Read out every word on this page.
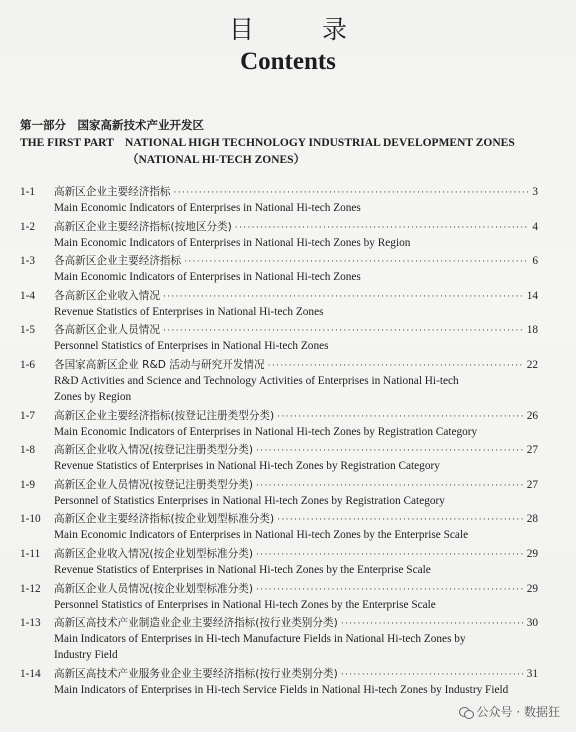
目 录
Contents
第一部分　国家高新技术产业开发区
THE FIRST PART　NATIONAL HIGH TECHNOLOGY INDUSTRIAL DEVELOPMENT ZONES
（NATIONAL HI-TECH ZONES）
1-1	高新区企业主要经济指标 ·····	3
Main Economic Indicators of Enterprises in National Hi-tech Zones
1-2	高新区企业主要经济指标(按地区分类) ·····	4
Main Economic Indicators of Enterprises in National Hi-tech Zones by Region
1-3	各高新区企业主要经济指标 ·····	6
Main Economic Indicators of Enterprises in National Hi-tech Zones
1-4	各高新区企业收入情况 ·····	14
Revenue Statistics of Enterprises in National Hi-tech Zones
1-5	各高新区企业人员情况 ·····	18
Personnel Statistics of Enterprises in National Hi-tech Zones
1-6	各国家高新区企业 R&D 活动与研究开发情况 ·····	22
R&D Activities and Science and Technology Activities of Enterprises in National Hi-tech
Zones by Region
1-7	高新区企业主要经济指标(按登记注册类型分类) ·····	26
Main Economic Indicators of Enterprises in National Hi-tech Zones by Registration Category
1-8	高新区企业收入情况(按登记注册类型分类) ·····	27
Revenue Statistics of Enterprises in National Hi-tech Zones by Registration Category
1-9	高新区企业人员情况(按登记注册类型分类) ·····	27
Personnel of Statistics Enterprises in National Hi-tech Zones by Registration Category
1-10	高新区企业主要经济指标(按企业划型标准分类) ·····	28
Main Economic Indicators of Enterprises in National Hi-tech Zones by the Enterprise Scale
1-11	高新区企业收入情况(按企业划型标准分类) ·····	29
Revenue Statistics of Enterprises in National Hi-tech Zones by the Enterprise Scale
1-12	高新区企业人员情况(按企业划型标准分类) ·····	29
Personnel Statistics of Enterprises in National Hi-tech Zones by the Enterprise Scale
1-13	高新区高技术产业制造业企业主要经济指标(按行业类别分类) ·····	30
Main Indicators of Enterprises in Hi-tech Manufacture Fields in National Hi-tech Zones by
Industry Field
1-14	高新区高技术产业服务业企业主要经济指标(按行业类别分类) ·····	31
Main Indicators of Enterprises in Hi-tech Service Fields in National Hi-tech Zones by Industry Field
公众号 · 数据狂
